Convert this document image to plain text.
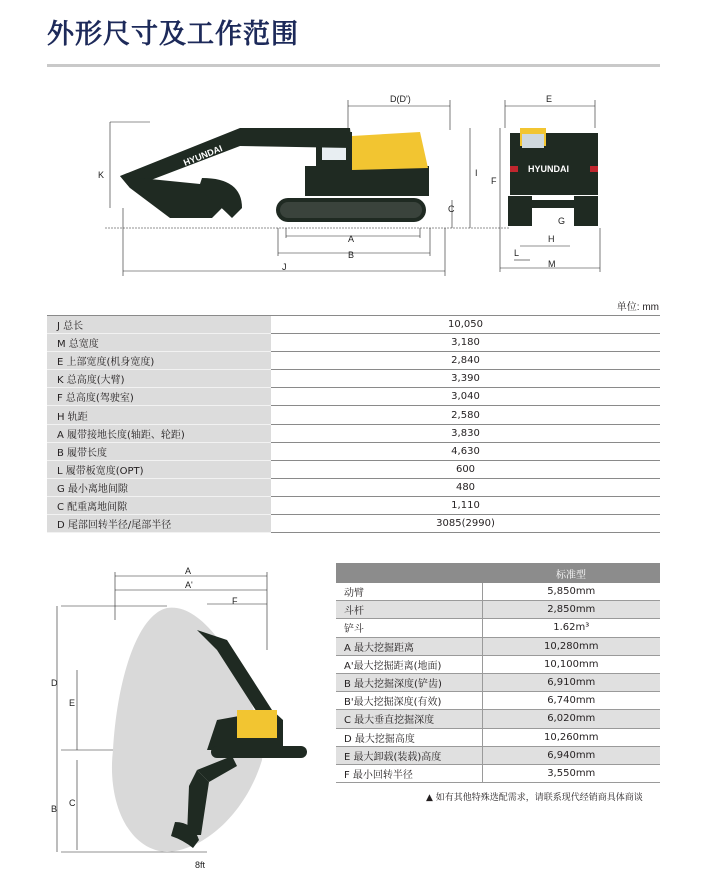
外形尺寸及工作范围
HYUNDAI
HYUNDAI
D(D')	E
K	I
F
C
G
A	H
B	L
M
J
单位: mm
J 总长	10,050
M 总宽度	3,180
E 上部宽度(机身宽度)	2,840
K 总高度(大臂)	3,390
F 总高度(驾驶室)	3,040
H 轨距	2,580
A 履带接地长度(轴距、轮距)	3,830
B 履带长度	4,630
L 履带板宽度(OPT)	600
G 最小离地间隙	480
C 配重离地间隙	1,110
D 尾部回转半径/尾部半径	3085(2990)
A
A'
F
D
E
B
C
8ft
	标准型
动臂	5,850mm
斗杆	2,850mm
铲斗	1.62m³
A 最大挖掘距离	10,280mm
A'最大挖掘距离(地面)	10,100mm
B 最大挖掘深度(铲齿)	6,910mm
B'最大挖掘深度(有效)	6,740mm
C 最大垂直挖掘深度	6,020mm
D 最大挖掘高度	10,260mm
E 最大卸载(装载)高度	6,940mm
F 最小回转半径	3,550mm
▲ 如有其他特殊选配需求，请联系现代经销商具体商谈
